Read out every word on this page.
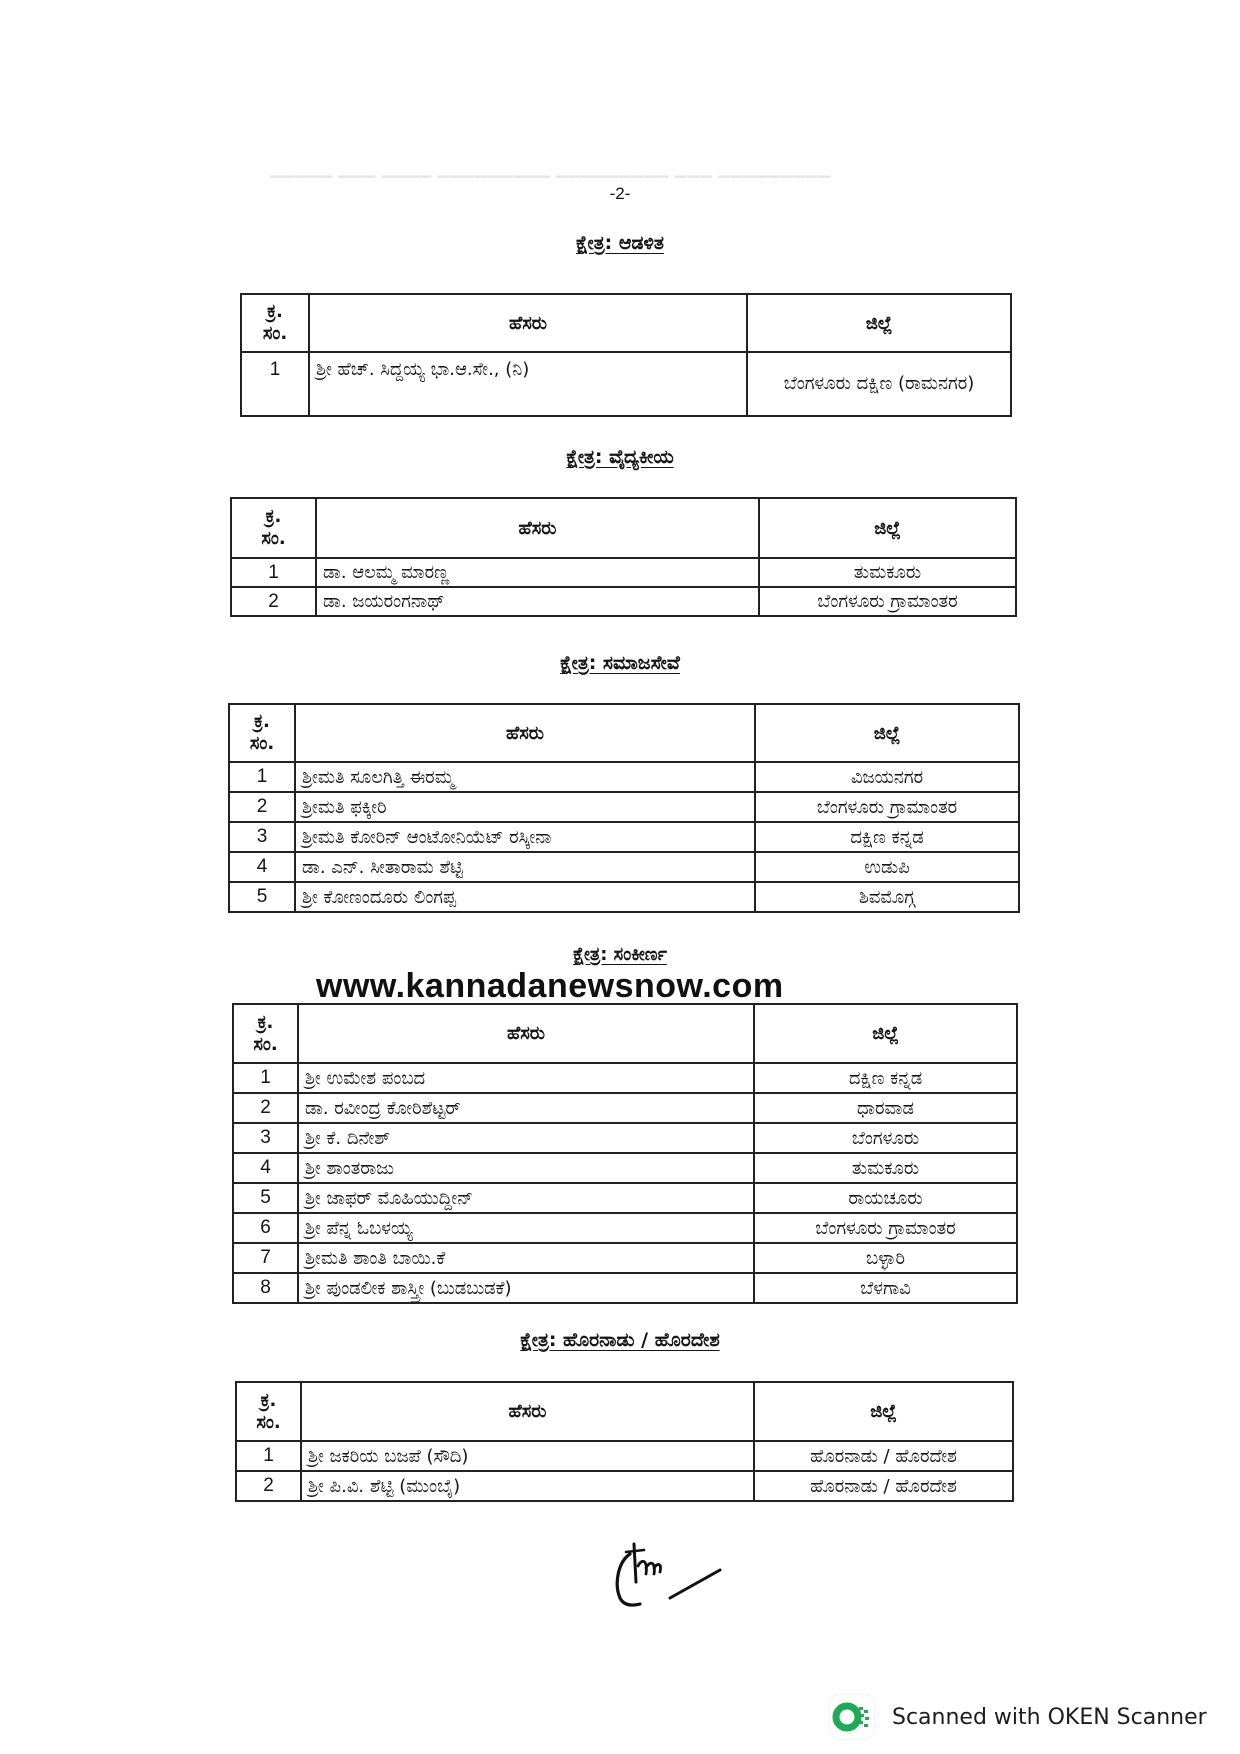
▁▁▁▁▁ ▁▁▁ ▁▁▁▁ ▁▁▁▁▁▁▁▁▁ ▁▁▁▁▁▁▁▁▁ ▁▁▁ ▁▁▁▁▁▁▁▁▁
-2-
ಕ್ಷೇತ್ರ: ಆಡಳಿತ
ಕ್ರ.
ಸಂ.	ಹೆಸರು	ಜಿಲ್ಲೆ
1	ಶ್ರೀ ಹೆಚ್. ಸಿದ್ದಯ್ಯ ಭಾ.ಆ.ಸೇ., (ನಿ)	ಬೆಂಗಳೂರು ದಕ್ಷಿಣ (ರಾಮನಗರ)
ಕ್ಷೇತ್ರ: ವೈದ್ಯಕೀಯ
ಕ್ರ.
ಸಂ.	ಹೆಸರು	ಜಿಲ್ಲೆ
1	ಡಾ. ಆಲಮ್ಮ ಮಾರಣ್ಣ	ತುಮಕೂರು
2	ಡಾ. ಜಯರಂಗನಾಥ್	ಬೆಂಗಳೂರು ಗ್ರಾಮಾಂತರ
ಕ್ಷೇತ್ರ: ಸಮಾಜಸೇವೆ
ಕ್ರ.
ಸಂ.	ಹೆಸರು	ಜಿಲ್ಲೆ
1	ಶ್ರೀಮತಿ ಸೂಲಗಿತ್ತಿ ಈರಮ್ಮ	ವಿಜಯನಗರ
2	ಶ್ರೀಮತಿ ಫಕ್ಕೀರಿ	ಬೆಂಗಳೂರು ಗ್ರಾಮಾಂತರ
3	ಶ್ರೀಮತಿ ಕೋರಿನ್ ಆಂಟೋನಿಯೆಟ್ ರಸ್ಕೀನಾ	ದಕ್ಷಿಣ ಕನ್ನಡ
4	ಡಾ. ಎನ್. ಸೀತಾರಾಮ ಶೆಟ್ಟಿ	ಉಡುಪಿ
5	ಶ್ರೀ ಕೋಣಂದೂರು ಲಿಂಗಪ್ಪ	ಶಿವಮೊಗ್ಗ
ಕ್ಷೇತ್ರ: ಸಂಕೀರ್ಣ
www.kannadanewsnow.com
ಕ್ರ.
ಸಂ.	ಹೆಸರು	ಜಿಲ್ಲೆ
1	ಶ್ರೀ ಉಮೇಶ ಪಂಬದ	ದಕ್ಷಿಣ ಕನ್ನಡ
2	ಡಾ. ರವೀಂದ್ರ ಕೋರಿಶೆಟ್ಟರ್	ಧಾರವಾಡ
3	ಶ್ರೀ ಕೆ. ದಿನೇಶ್	ಬೆಂಗಳೂರು
4	ಶ್ರೀ ಶಾಂತರಾಜು	ತುಮಕೂರು
5	ಶ್ರೀ ಜಾಫರ್ ಮೊಹಿಯುದ್ದೀನ್	ರಾಯಚೂರು
6	ಶ್ರೀ ಪೆನ್ನ ಓಬಳಯ್ಯ	ಬೆಂಗಳೂರು ಗ್ರಾಮಾಂತರ
7	ಶ್ರೀಮತಿ ಶಾಂತಿ ಬಾಯಿ.ಕೆ	ಬಳ್ಳಾರಿ
8	ಶ್ರೀ ಪುಂಡಲೀಕ ಶಾಸ್ತ್ರೀ (ಬುಡಬುಡಕೆ)	ಬೆಳಗಾವಿ
ಕ್ಷೇತ್ರ: ಹೊರನಾಡು / ಹೊರದೇಶ
ಕ್ರ.
ಸಂ.	ಹೆಸರು	ಜಿಲ್ಲೆ
1	ಶ್ರೀ ಜಕರಿಯ ಬಜಪೆ (ಸೌದಿ)	ಹೊರನಾಡು / ಹೊರದೇಶ
2	ಶ್ರೀ ಪಿ.ವಿ. ಶೆಟ್ಟಿ (ಮುಂಬೈ)	ಹೊರನಾಡು / ಹೊರದೇಶ
Scanned with OKEN Scanner
